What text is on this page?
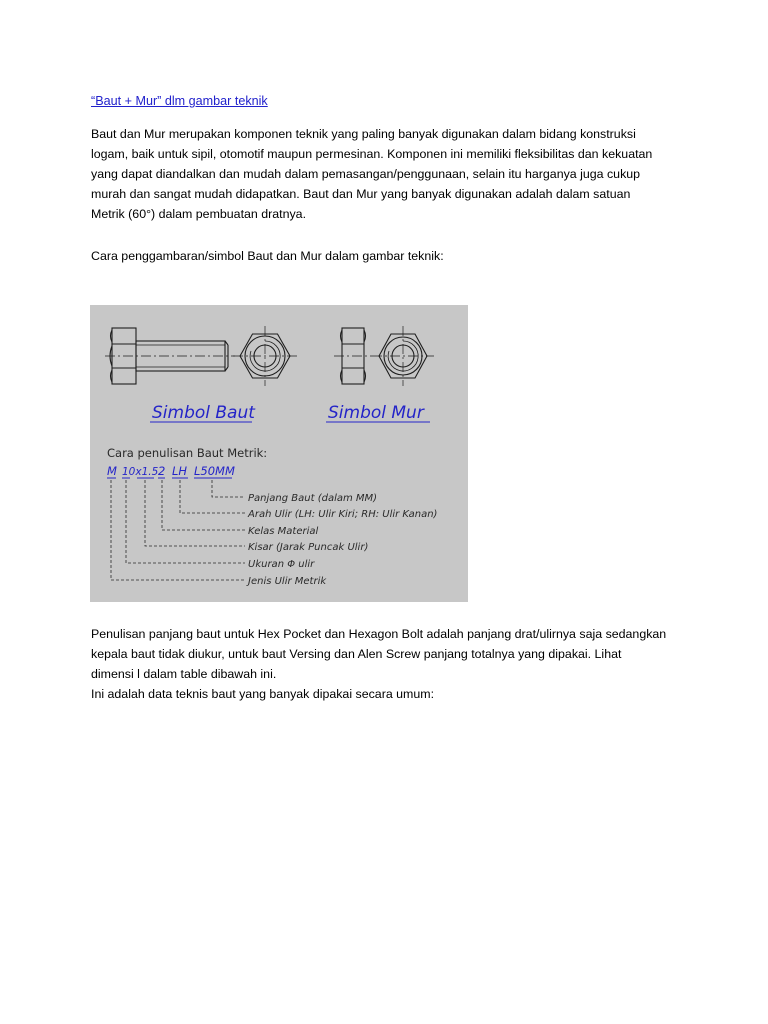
“Baut + Mur” dlm gambar teknik

Baut dan Mur merupakan komponen teknik yang paling banyak digunakan dalam bidang konstruksi
logam, baik untuk sipil, otomotif maupun permesinan. Komponen ini memiliki fleksibilitas dan kekuatan
yang dapat diandalkan dan mudah dalam pemasangan/penggunaan, selain itu harganya juga cukup
murah dan sangat mudah didapatkan. Baut dan Mur yang banyak digunakan adalah dalam satuan
Metrik (60°) dalam pembuatan dratnya.

Cara penggambaran/simbol Baut dan Mur dalam gambar teknik:

Simbol Baut	Simbol Mur
Cara penulisan Baut Metrik:
M 10x1.5 2 LH L50MM
Panjang Baut (dalam MM)
Arah Ulir (LH: Ulir Kiri; RH: Ulir Kanan)
Kelas Material
Kisar (Jarak Puncak Ulir)
Ukuran Φ ulir
Jenis Ulir Metrik

Penulisan panjang baut untuk Hex Pocket dan Hexagon Bolt adalah panjang drat/ulirnya saja sedangkan
kepala baut tidak diukur, untuk baut Versing dan Alen Screw panjang totalnya yang dipakai. Lihat
dimensi l dalam table dibawah ini.
Ini adalah data teknis baut yang banyak dipakai secara umum:
